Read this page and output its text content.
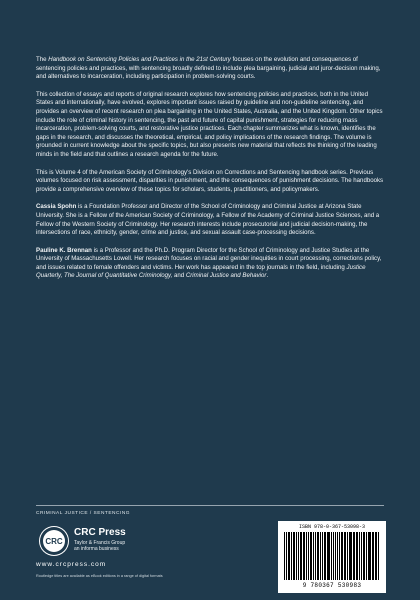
The Handbook on Sentencing Policies and Practices in the 21st Century focuses on the evolution and consequences of sentencing policies and practices, with sentencing broadly defined to include plea bargaining, judicial and juror-decision making, and alternatives to incarceration, including participation in problem-solving courts.

This collection of essays and reports of original research explores how sentencing policies and practices, both in the United States and internationally, have evolved, explores important issues raised by guideline and non-guideline sentencing, and provides an overview of recent research on plea bargaining in the United States, Australia, and the United Kingdom. Other topics include the role of criminal history in sentencing, the past and future of capital punishment, strategies for reducing mass incarceration, problem-solving courts, and restorative justice practices. Each chapter summarizes what is known, identifies the gaps in the research, and discusses the theoretical, empirical, and policy implications of the research findings. The volume is grounded in current knowledge about the specific topics, but also presents new material that reflects the thinking of the leading minds in the field and that outlines a research agenda for the future.

This is Volume 4 of the American Society of Criminology's Division on Corrections and Sentencing handbook series. Previous volumes focused on risk assessment, disparities in punishment, and the consequences of punishment decisions. The handbooks provide a comprehensive overview of these topics for scholars, students, practitioners, and policymakers.

Cassia Spohn is a Foundation Professor and Director of the School of Criminology and Criminal Justice at Arizona State University. She is a Fellow of the American Society of Criminology, a Fellow of the Academy of Criminal Justice Sciences, and a Fellow of the Western Society of Criminology. Her research interests include prosecutorial and judicial decision-making, the intersections of race, ethnicity, gender, crime and justice, and sexual assault case-processing decisions.

Pauline K. Brennan is a Professor and the Ph.D. Program Director for the School of Criminology and Justice Studies at the University of Massachusetts Lowell. Her research focuses on racial and gender inequities in court processing, corrections policy, and issues related to female offenders and victims. Her work has appeared in the top journals in the field, including Justice Quarterly, The Journal of Quantitative Criminology, and Criminal Justice and Behavior.

CRIMINAL JUSTICE / SENTENCING
CRC
CRC Press
Taylor & Francis Group
an informa business
www.crcpress.com
Routledge titles are available as eBook editions in a range of digital formats
ISBN 978-0-367-53098-3
9 780367 530983
